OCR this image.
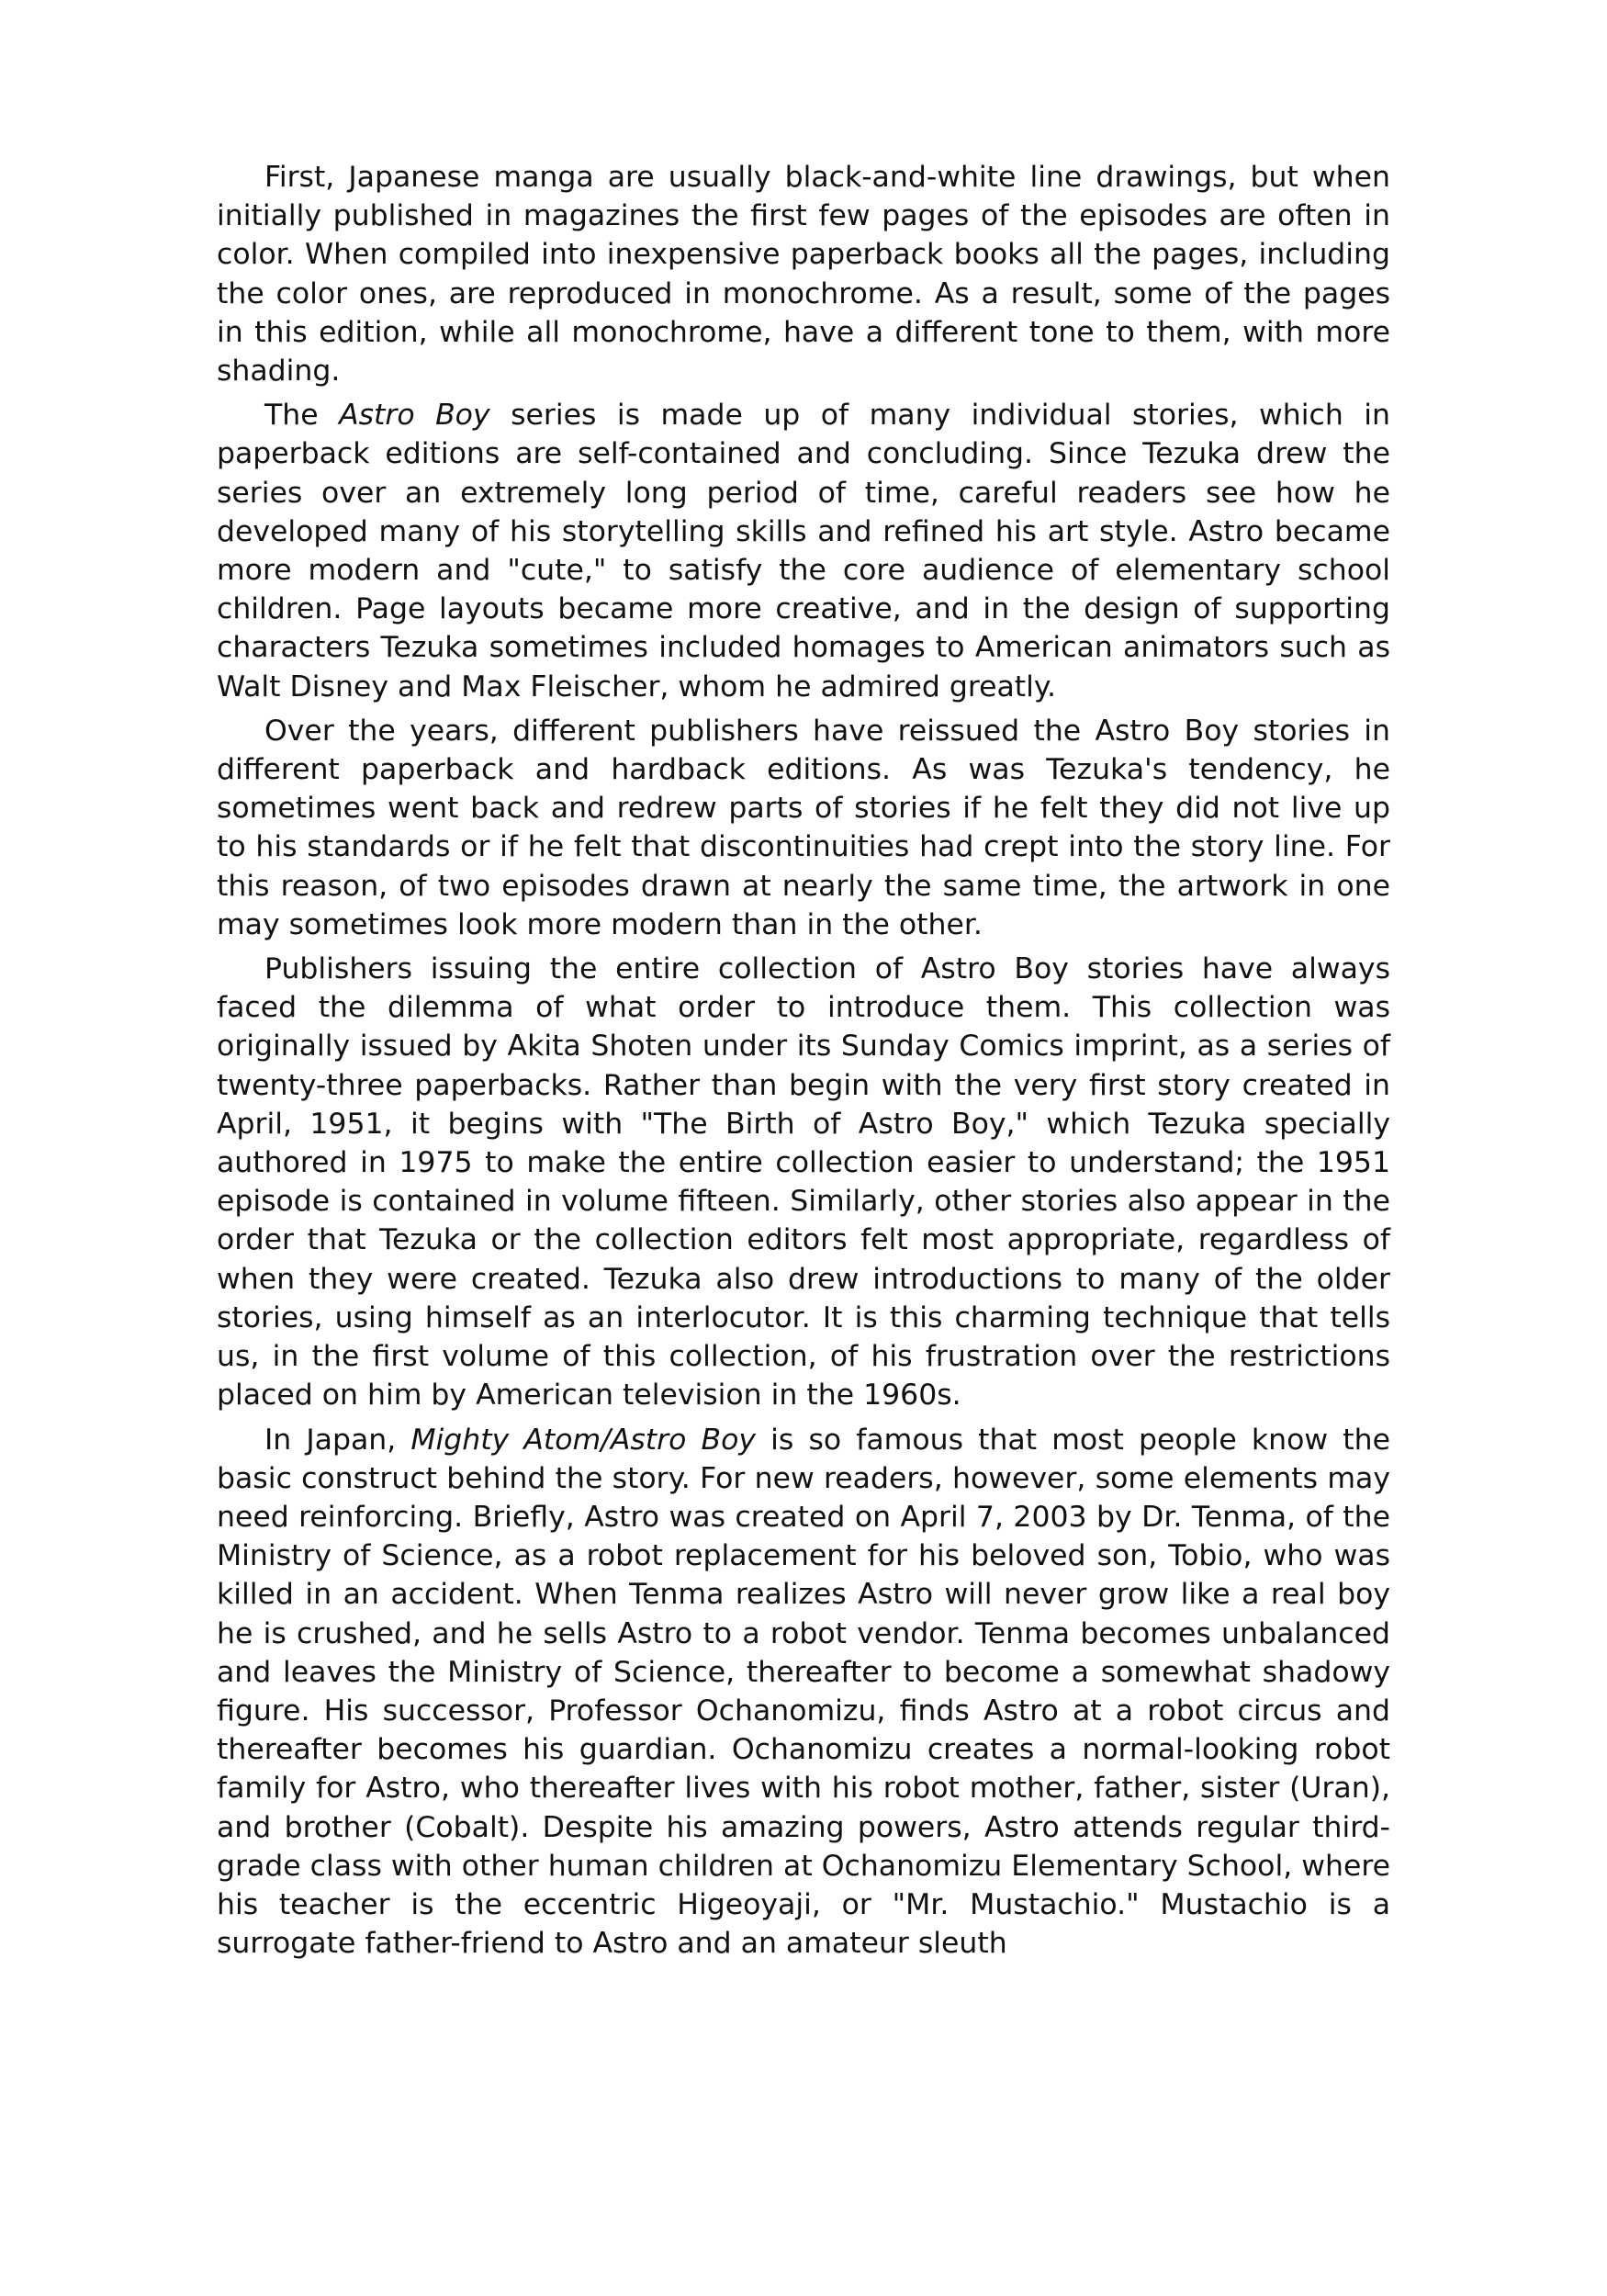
First, Japanese manga are usually black-and-white line drawings, but when initially published in magazines the first few pages of the episodes are often in color. When compiled into inexpensive paperback books all the pages, including the color ones, are reproduced in monochrome. As a result, some of the pages in this edition, while all monochrome, have a different tone to them, with more shading.

The Astro Boy series is made up of many individual stories, which in paperback editions are self-contained and concluding. Since Tezuka drew the series over an extremely long period of time, careful readers see how he developed many of his storytelling skills and refined his art style. Astro became more modern and "cute," to satisfy the core audience of elementary school children. Page layouts became more creative, and in the design of supporting characters Tezuka sometimes included homages to American animators such as Walt Disney and Max Fleischer, whom he admired greatly.

Over the years, different publishers have reissued the Astro Boy stories in different paperback and hardback editions. As was Tezuka's tendency, he sometimes went back and redrew parts of stories if he felt they did not live up to his standards or if he felt that discontinuities had crept into the story line. For this reason, of two episodes drawn at nearly the same time, the artwork in one may sometimes look more modern than in the other.

Publishers issuing the entire collection of Astro Boy stories have always faced the dilemma of what order to introduce them. This collection was originally issued by Akita Shoten under its Sunday Comics imprint, as a series of twenty-three paperbacks. Rather than begin with the very first story created in April, 1951, it begins with "The Birth of Astro Boy," which Tezuka specially authored in 1975 to make the entire collection easier to understand; the 1951 episode is contained in volume fifteen. Similarly, other stories also appear in the order that Tezuka or the collection editors felt most appropriate, regardless of when they were created. Tezuka also drew introductions to many of the older stories, using himself as an interlocutor. It is this charming technique that tells us, in the first volume of this collection, of his frustration over the restrictions placed on him by American television in the 1960s.

In Japan, Mighty Atom/Astro Boy is so famous that most people know the basic construct behind the story. For new readers, however, some elements may need reinforcing. Briefly, Astro was created on April 7, 2003 by Dr. Tenma, of the Ministry of Science, as a robot replacement for his beloved son, Tobio, who was killed in an accident. When Tenma realizes Astro will never grow like a real boy he is crushed, and he sells Astro to a robot vendor. Tenma becomes unbalanced and leaves the Ministry of Science, thereafter to become a somewhat shadowy figure. His successor, Professor Ochanomizu, finds Astro at a robot circus and thereafter becomes his guardian. Ochanomizu creates a normal-looking robot family for Astro, who thereafter lives with his robot mother, father, sister (Uran), and brother (Cobalt). Despite his amazing powers, Astro attends regular third-grade class with other human children at Ochanomizu Elementary School, where his teacher is the eccentric Higeoyaji, or "Mr. Mustachio." Mustachio is a surrogate father-friend to Astro and an amateur sleuth
